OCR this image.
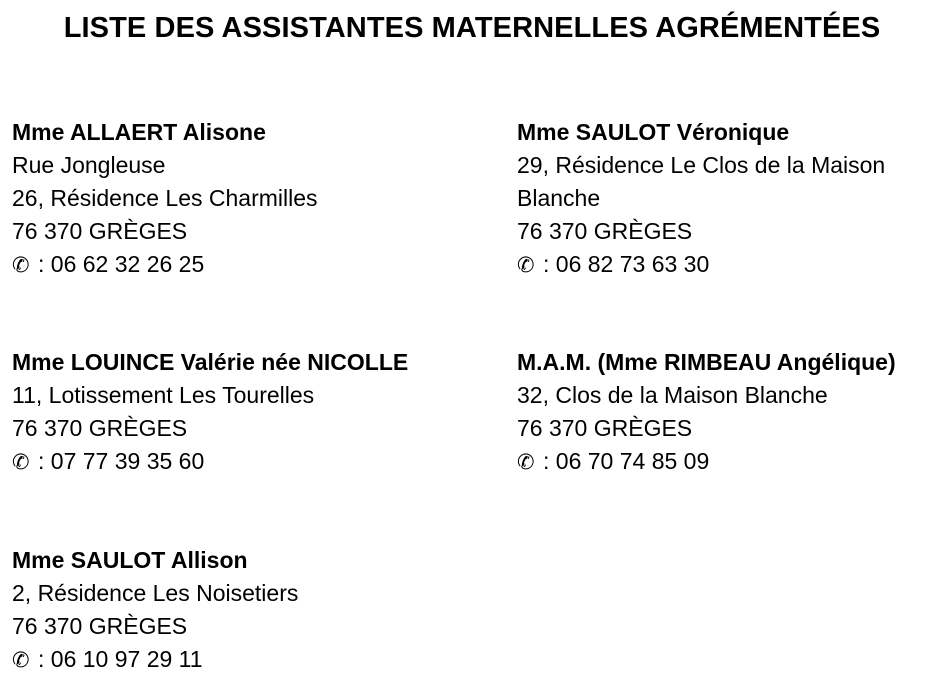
LISTE DES ASSISTANTES MATERNELLES AGRÉMENTÉES
Mme ALLAERT Alisone
Rue Jongleuse
26, Résidence Les Charmilles
76 370 GRÈGES
✆ : 06 62 32 26 25
Mme SAULOT Véronique
29, Résidence Le Clos de la Maison
Blanche
76 370 GRÈGES
✆ : 06 82 73 63 30
Mme LOUINCE Valérie née NICOLLE
11, Lotissement Les Tourelles
76 370 GRÈGES
✆ : 07 77 39 35 60
M.A.M. (Mme RIMBEAU Angélique)
32, Clos de la Maison Blanche
76 370 GRÈGES
✆ : 06 70 74 85 09
Mme SAULOT Allison
2, Résidence Les Noisetiers
76 370 GRÈGES
✆ : 06 10 97 29 11
